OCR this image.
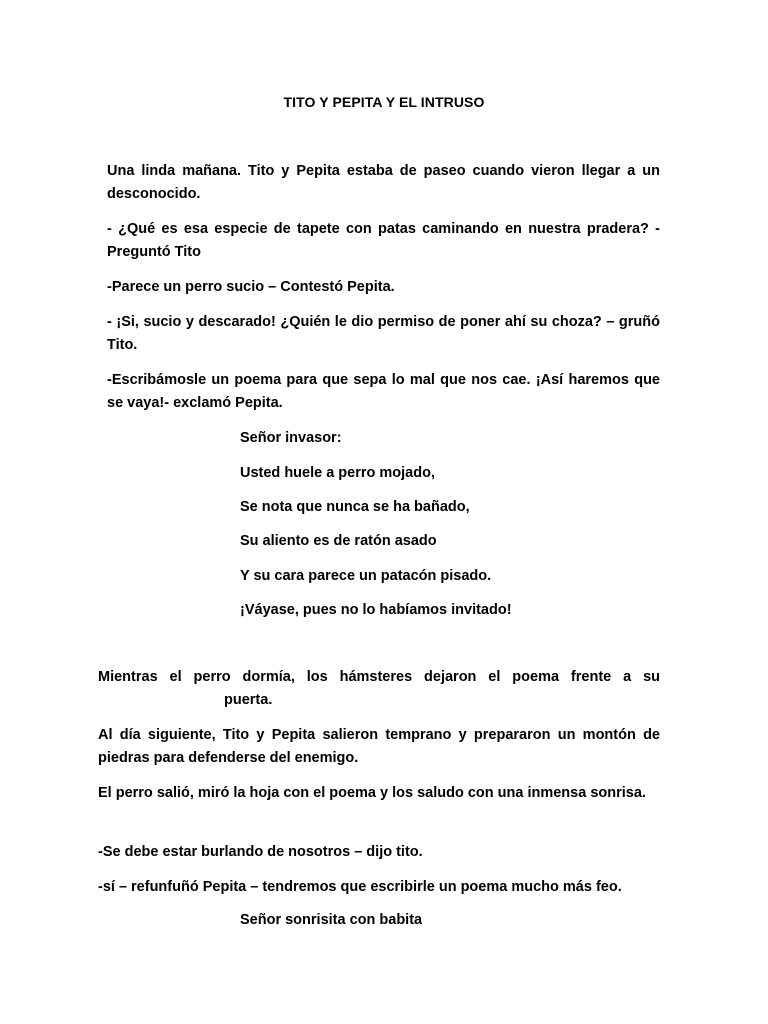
TITO Y PEPITA Y EL INTRUSO
Una linda mañana. Tito y Pepita estaba de paseo cuando vieron llegar a un desconocido.
- ¿Qué es esa especie de tapete con patas caminando en nuestra pradera? - Preguntó Tito
-Parece un perro sucio – Contestó Pepita.
- ¡Si, sucio y descarado! ¿Quién le dio permiso de poner ahí su choza? – gruñó Tito.
-Escribámosle un poema para que sepa lo mal que nos cae. ¡Así haremos que se vaya!- exclamó Pepita.
Señor invasor:
Usted huele a perro mojado,
Se nota que nunca se ha bañado,
Su aliento es de ratón asado
Y su cara parece un patacón pisado.
¡Váyase, pues no lo habíamos invitado!
Mientras el perro dormía, los hámsteres dejaron el poema frente a su
puerta.
Al día siguiente, Tito y Pepita salieron temprano y prepararon un montón de piedras para defenderse del enemigo.
El perro salió, miró la hoja con el poema y los saludo con una inmensa sonrisa.
-Se debe estar burlando de nosotros – dijo tito.
-sí – refunfuñó Pepita – tendremos que escribirle un poema mucho más feo.
Señor sonrisita con babita
